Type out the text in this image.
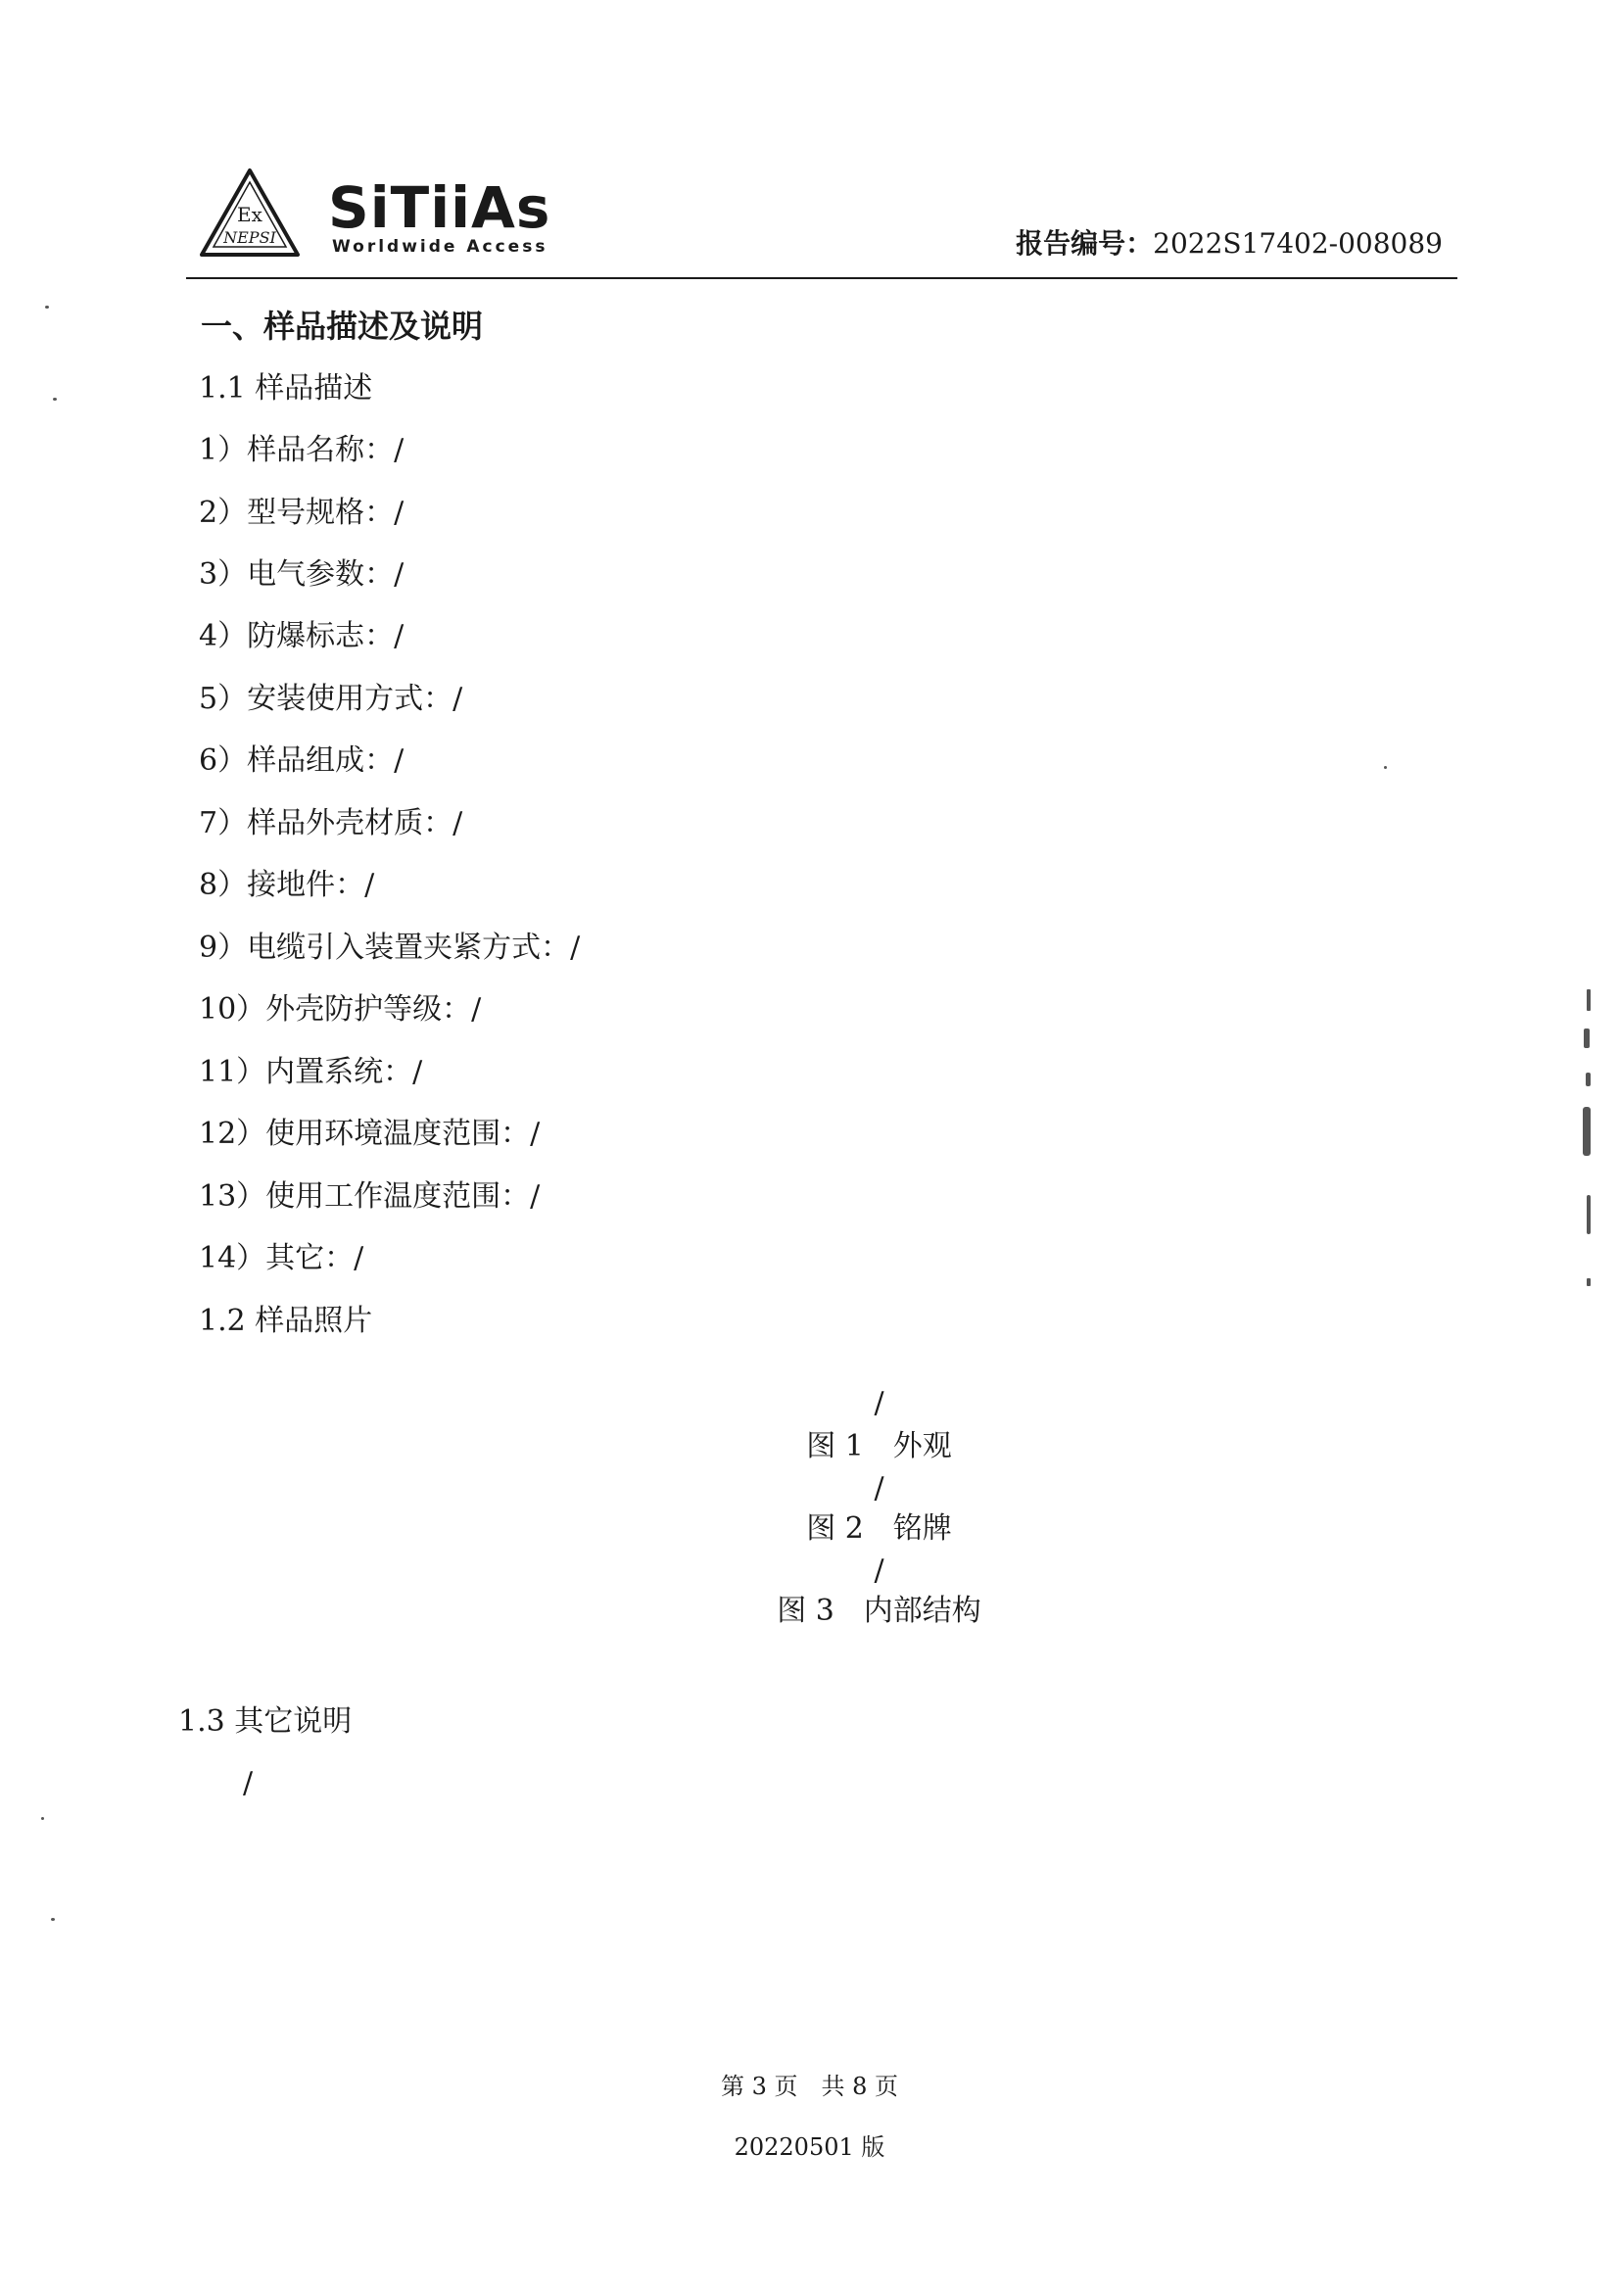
Ex
NEPSI SiTiiAs
Worldwide Access	报告编号：2022S17402-008089
一、样品描述及说明
1.1 样品描述
1）样品名称：/
2）型号规格：/
3）电气参数：/
4）防爆标志：/
5）安装使用方式：/
6）样品组成：/
7）样品外壳材质：/
8）接地件：/
9）电缆引入装置夹紧方式：/
10）外壳防护等级：/
11）内置系统：/
12）使用环境温度范围：/
13）使用工作温度范围：/
14）其它：/
1.2 样品照片
/
图 1　外观
/
图 2　铭牌
/
图 3　内部结构
1.3 其它说明
/
第 3 页　共 8 页
20220501 版
